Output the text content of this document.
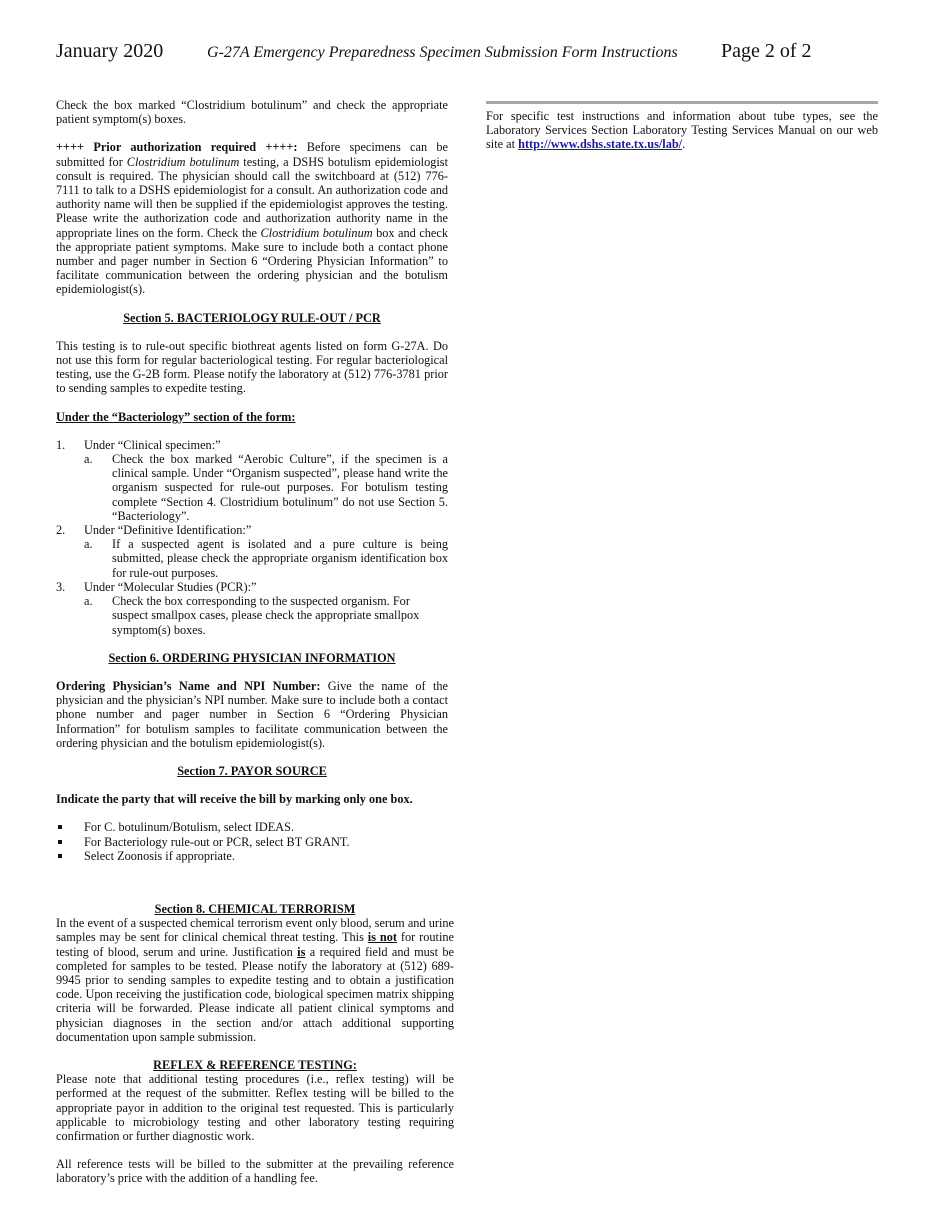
January 2020	G-27A Emergency Preparedness Specimen Submission Form Instructions Page 2 of 2

Check the box marked “Clostridium botulinum” and check the appropriate patient symptom(s) boxes.

++++ Prior authorization required ++++: Before specimens can be submitted for Clostridium botulinum testing, a DSHS botulism epidemiologist consult is required. The physician should call the switchboard at (512) 776-7111 to talk to a DSHS epidemiologist for a consult. An authorization code and authority name will then be supplied if the epidemiologist approves the testing. Please write the authorization code and authorization authority name in the appropriate lines on the form. Check the Clostridium botulinum box and check the appropriate patient symptoms. Make sure to include both a contact phone number and pager number in Section 6 “Ordering Physician Information” to facilitate communication between the ordering physician and the botulism epidemiologist(s).

Section 5. BACTERIOLOGY RULE-OUT / PCR

This testing is to rule-out specific biothreat agents listed on form G-27A. Do not use this form for regular bacteriological testing. For regular bacteriological testing, use the G-2B form. Please notify the laboratory at (512) 776-3781 prior to sending samples to expedite testing.

Under the “Bacteriology” section of the form:
1. Under “Clinical specimen:”
a. Check the box marked “Aerobic Culture”, if the specimen is a clinical sample. Under “Organism suspected”, please hand write the organism suspected for rule-out purposes. For botulism testing complete “Section 4. Clostridium botulinum” do not use Section 5. “Bacteriology”.
2. Under “Definitive Identification:”
a. If a suspected agent is isolated and a pure culture is being submitted, please check the appropriate organism identification box for rule-out purposes.
3. Under “Molecular Studies (PCR):”
a. Check the box corresponding to the suspected organism. For suspect smallpox cases, please check the appropriate smallpox symptom(s) boxes.
Section 6. ORDERING PHYSICIAN INFORMATION

Ordering Physician’s Name and NPI Number: Give the name of the physician and the physician’s NPI number. Make sure to include both a contact phone number and pager number in Section 6 “Ordering Physician Information” for botulism samples to facilitate communication between the ordering physician and the botulism epidemiologist(s).

Section 7. PAYOR SOURCE

Indicate the party that will receive the bill by marking only one box.

For C. botulinum/Botulism, select IDEAS.
For Bacteriology rule-out or PCR, select BT GRANT.
Select Zoonosis if appropriate.
Section 8. CHEMICAL TERRORISM

In the event of a suspected chemical terrorism event only blood, serum and urine samples may be sent for clinical chemical threat testing. This is not for routine testing of blood, serum and urine. Justification is a required field and must be completed for samples to be tested. Please notify the laboratory at (512) 689-9945 prior to sending samples to expedite testing and to obtain a justification code. Upon receiving the justification code, biological specimen matrix shipping criteria will be forwarded. Please indicate all patient clinical symptoms and physician diagnoses in the section and/or attach additional supporting documentation upon sample submission.

REFLEX & REFERENCE TESTING:

Please note that additional testing procedures (i.e., reflex testing) will be performed at the request of the submitter. Reflex testing will be billed to the appropriate payor in addition to the original test requested. This is particularly applicable to microbiology testing and other laboratory testing requiring confirmation or further diagnostic work.

All reference tests will be billed to the submitter at the prevailing reference laboratory’s price with the addition of a handling fee.

For specific test instructions and information about tube types, see the Laboratory Services Section Laboratory Testing Services Manual on our web site at http://www.dshs.state.tx.us/lab/.
